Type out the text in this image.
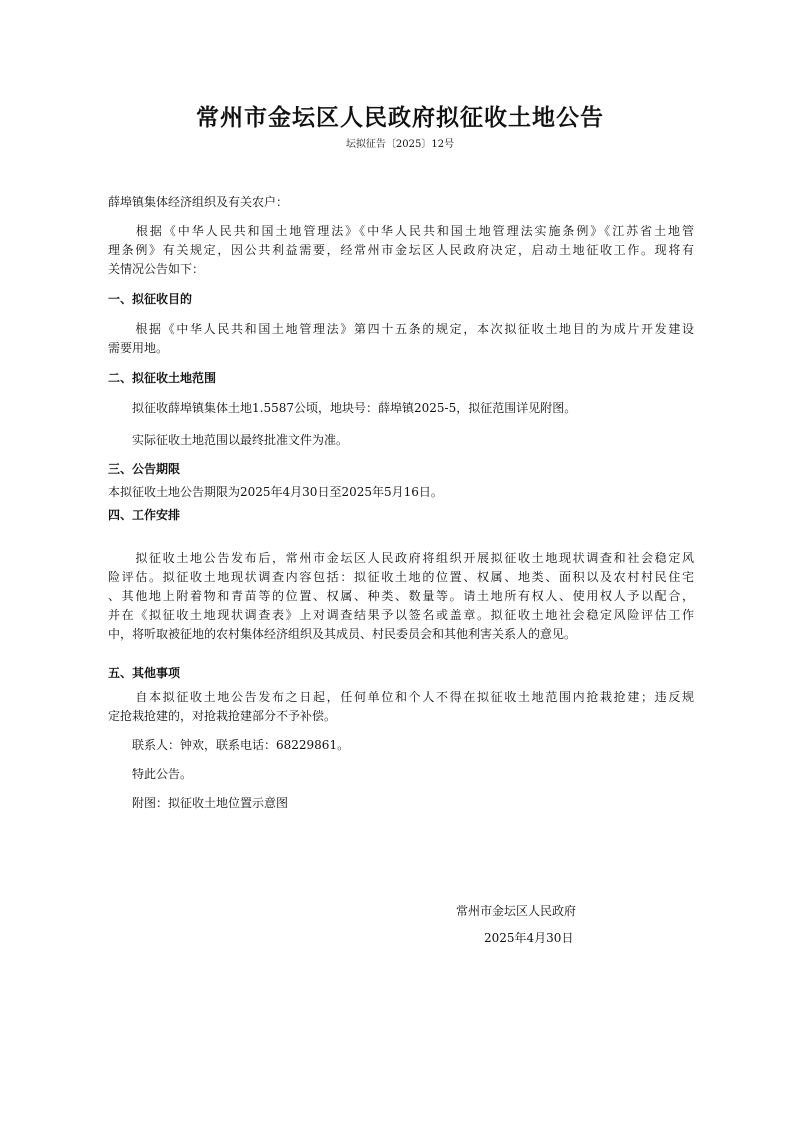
常州市金坛区人民政府拟征收土地公告
坛拟征告〔2025〕12号
薛埠镇集体经济组织及有关农户：
　　根据《中华人民共和国土地管理法》《中华人民共和国土地管理法实施条例》《江苏省土地管
理条例》有关规定，因公共利益需要，经常州市金坛区人民政府决定，启动土地征收工作。现将有
关情况公告如下：
一、拟征收目的
　　根据《中华人民共和国土地管理法》第四十五条的规定，本次拟征收土地目的为成片开发建设
需要用地。
二、拟征收土地范围
　　拟征收薛埠镇集体土地1.5587公顷，地块号：薛埠镇2025-5，拟征范围详见附图。
　　实际征收土地范围以最终批准文件为准。
三、公告期限
本拟征收土地公告期限为2025年4月30日至2025年5月16日。
四、工作安排
　　拟征收土地公告发布后，常州市金坛区人民政府将组织开展拟征收土地现状调查和社会稳定风
险评估。拟征收土地现状调查内容包括：拟征收土地的位置、权属、地类、面积以及农村村民住宅
、其他地上附着物和青苗等的位置、权属、种类、数量等。请土地所有权人、使用权人予以配合，
并在《拟征收土地现状调查表》上对调查结果予以签名或盖章。拟征收土地社会稳定风险评估工作
中，将听取被征地的农村集体经济组织及其成员、村民委员会和其他利害关系人的意见。
五、其他事项
　　自本拟征收土地公告发布之日起，任何单位和个人不得在拟征收土地范围内抢栽抢建；违反规
定抢栽抢建的，对抢栽抢建部分不予补偿。
　　联系人：钟欢，联系电话：68229861。
　　特此公告。
　　附图：拟征收土地位置示意图
常州市金坛区人民政府
2025年4月30日
